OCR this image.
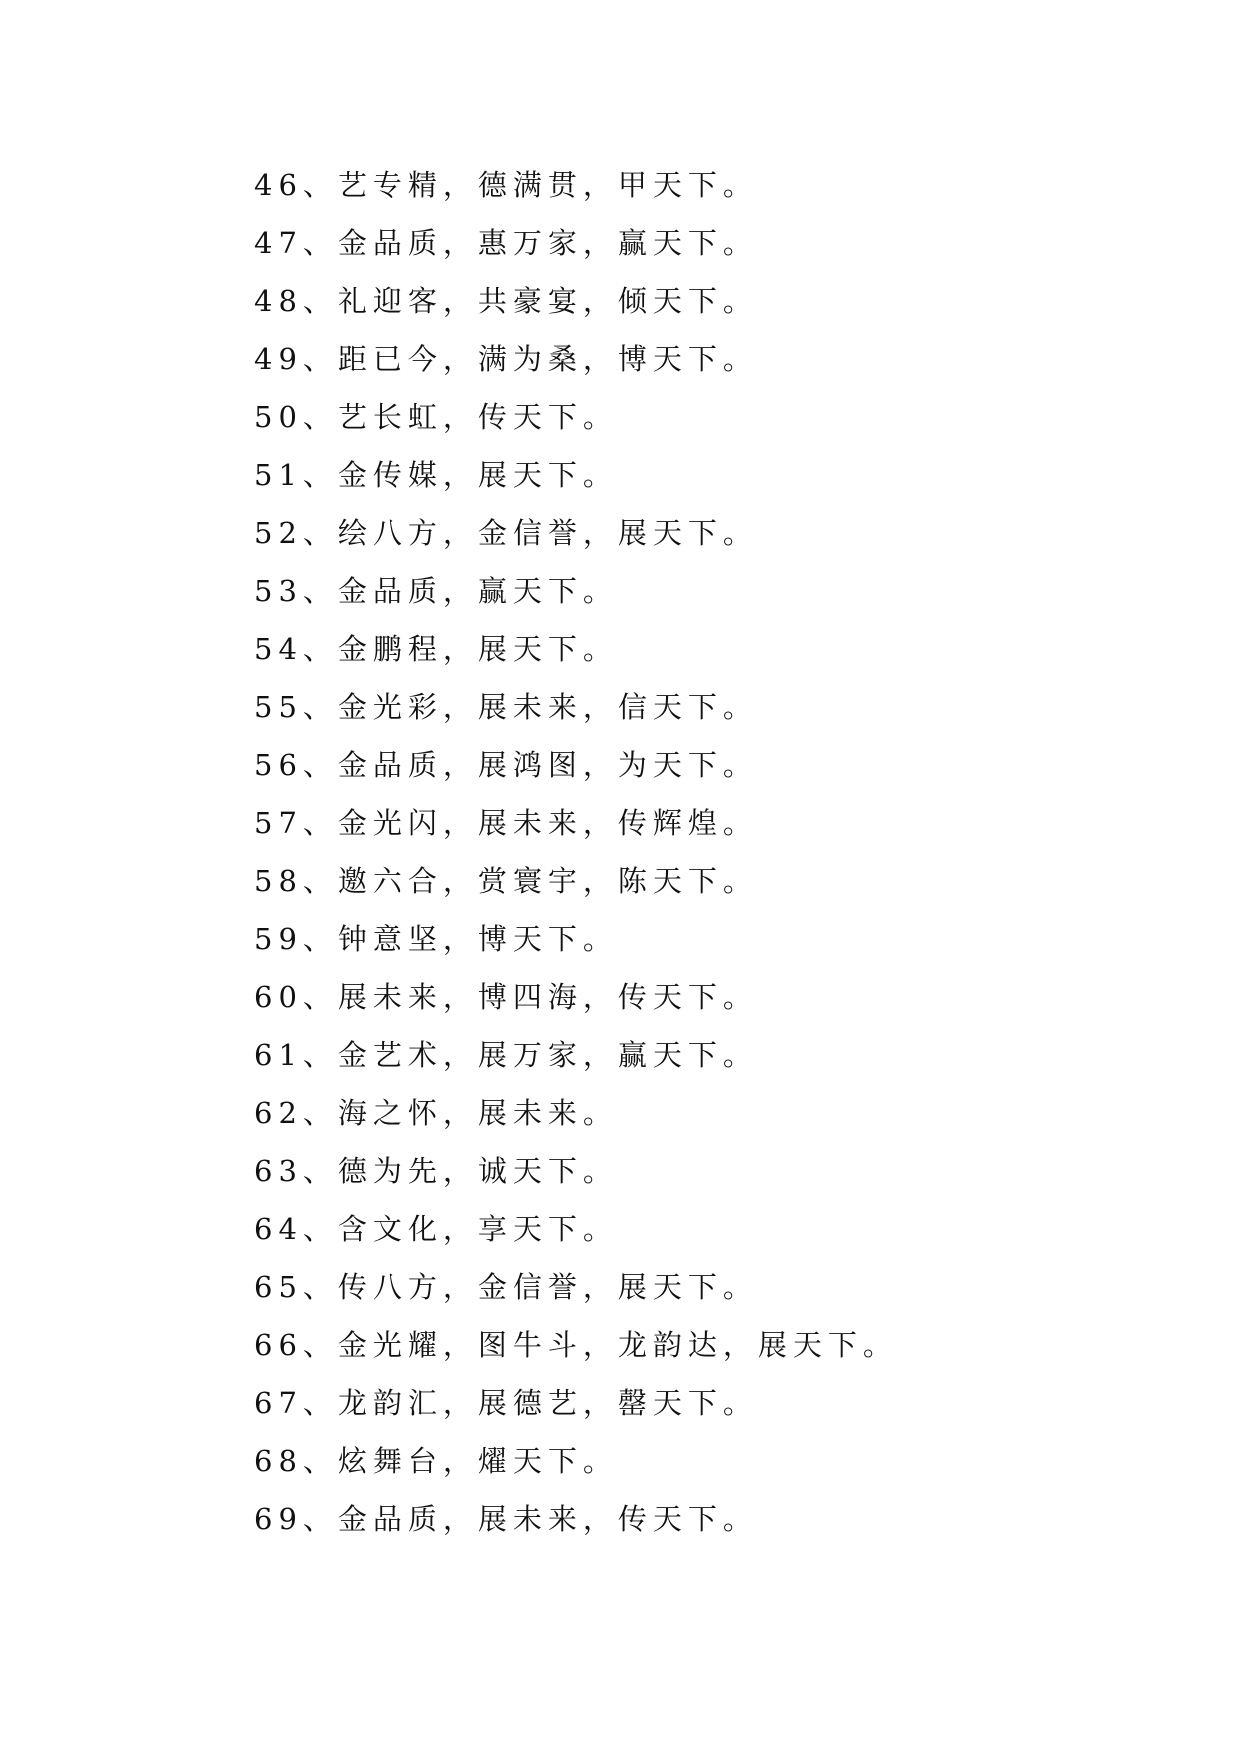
46、艺专精，德满贯，甲天下。
47、金品质，惠万家，赢天下。
48、礼迎客，共豪宴，倾天下。
49、距已今，满为桑，博天下。
50、艺长虹，传天下。
51、金传媒，展天下。
52、绘八方，金信誉，展天下。
53、金品质，赢天下。
54、金鹏程，展天下。
55、金光彩，展未来，信天下。
56、金品质，展鸿图，为天下。
57、金光闪，展未来，传辉煌。
58、邀六合，赏寰宇，陈天下。
59、钟意坚，博天下。
60、展未来，博四海，传天下。
61、金艺术，展万家，赢天下。
62、海之怀，展未来。
63、德为先，诚天下。
64、含文化，享天下。
65、传八方，金信誉，展天下。
66、金光耀，图牛斗，龙韵达，展天下。
67、龙韵汇，展德艺，罄天下。
68、炫舞台，燿天下。
69、金品质，展未来，传天下。
